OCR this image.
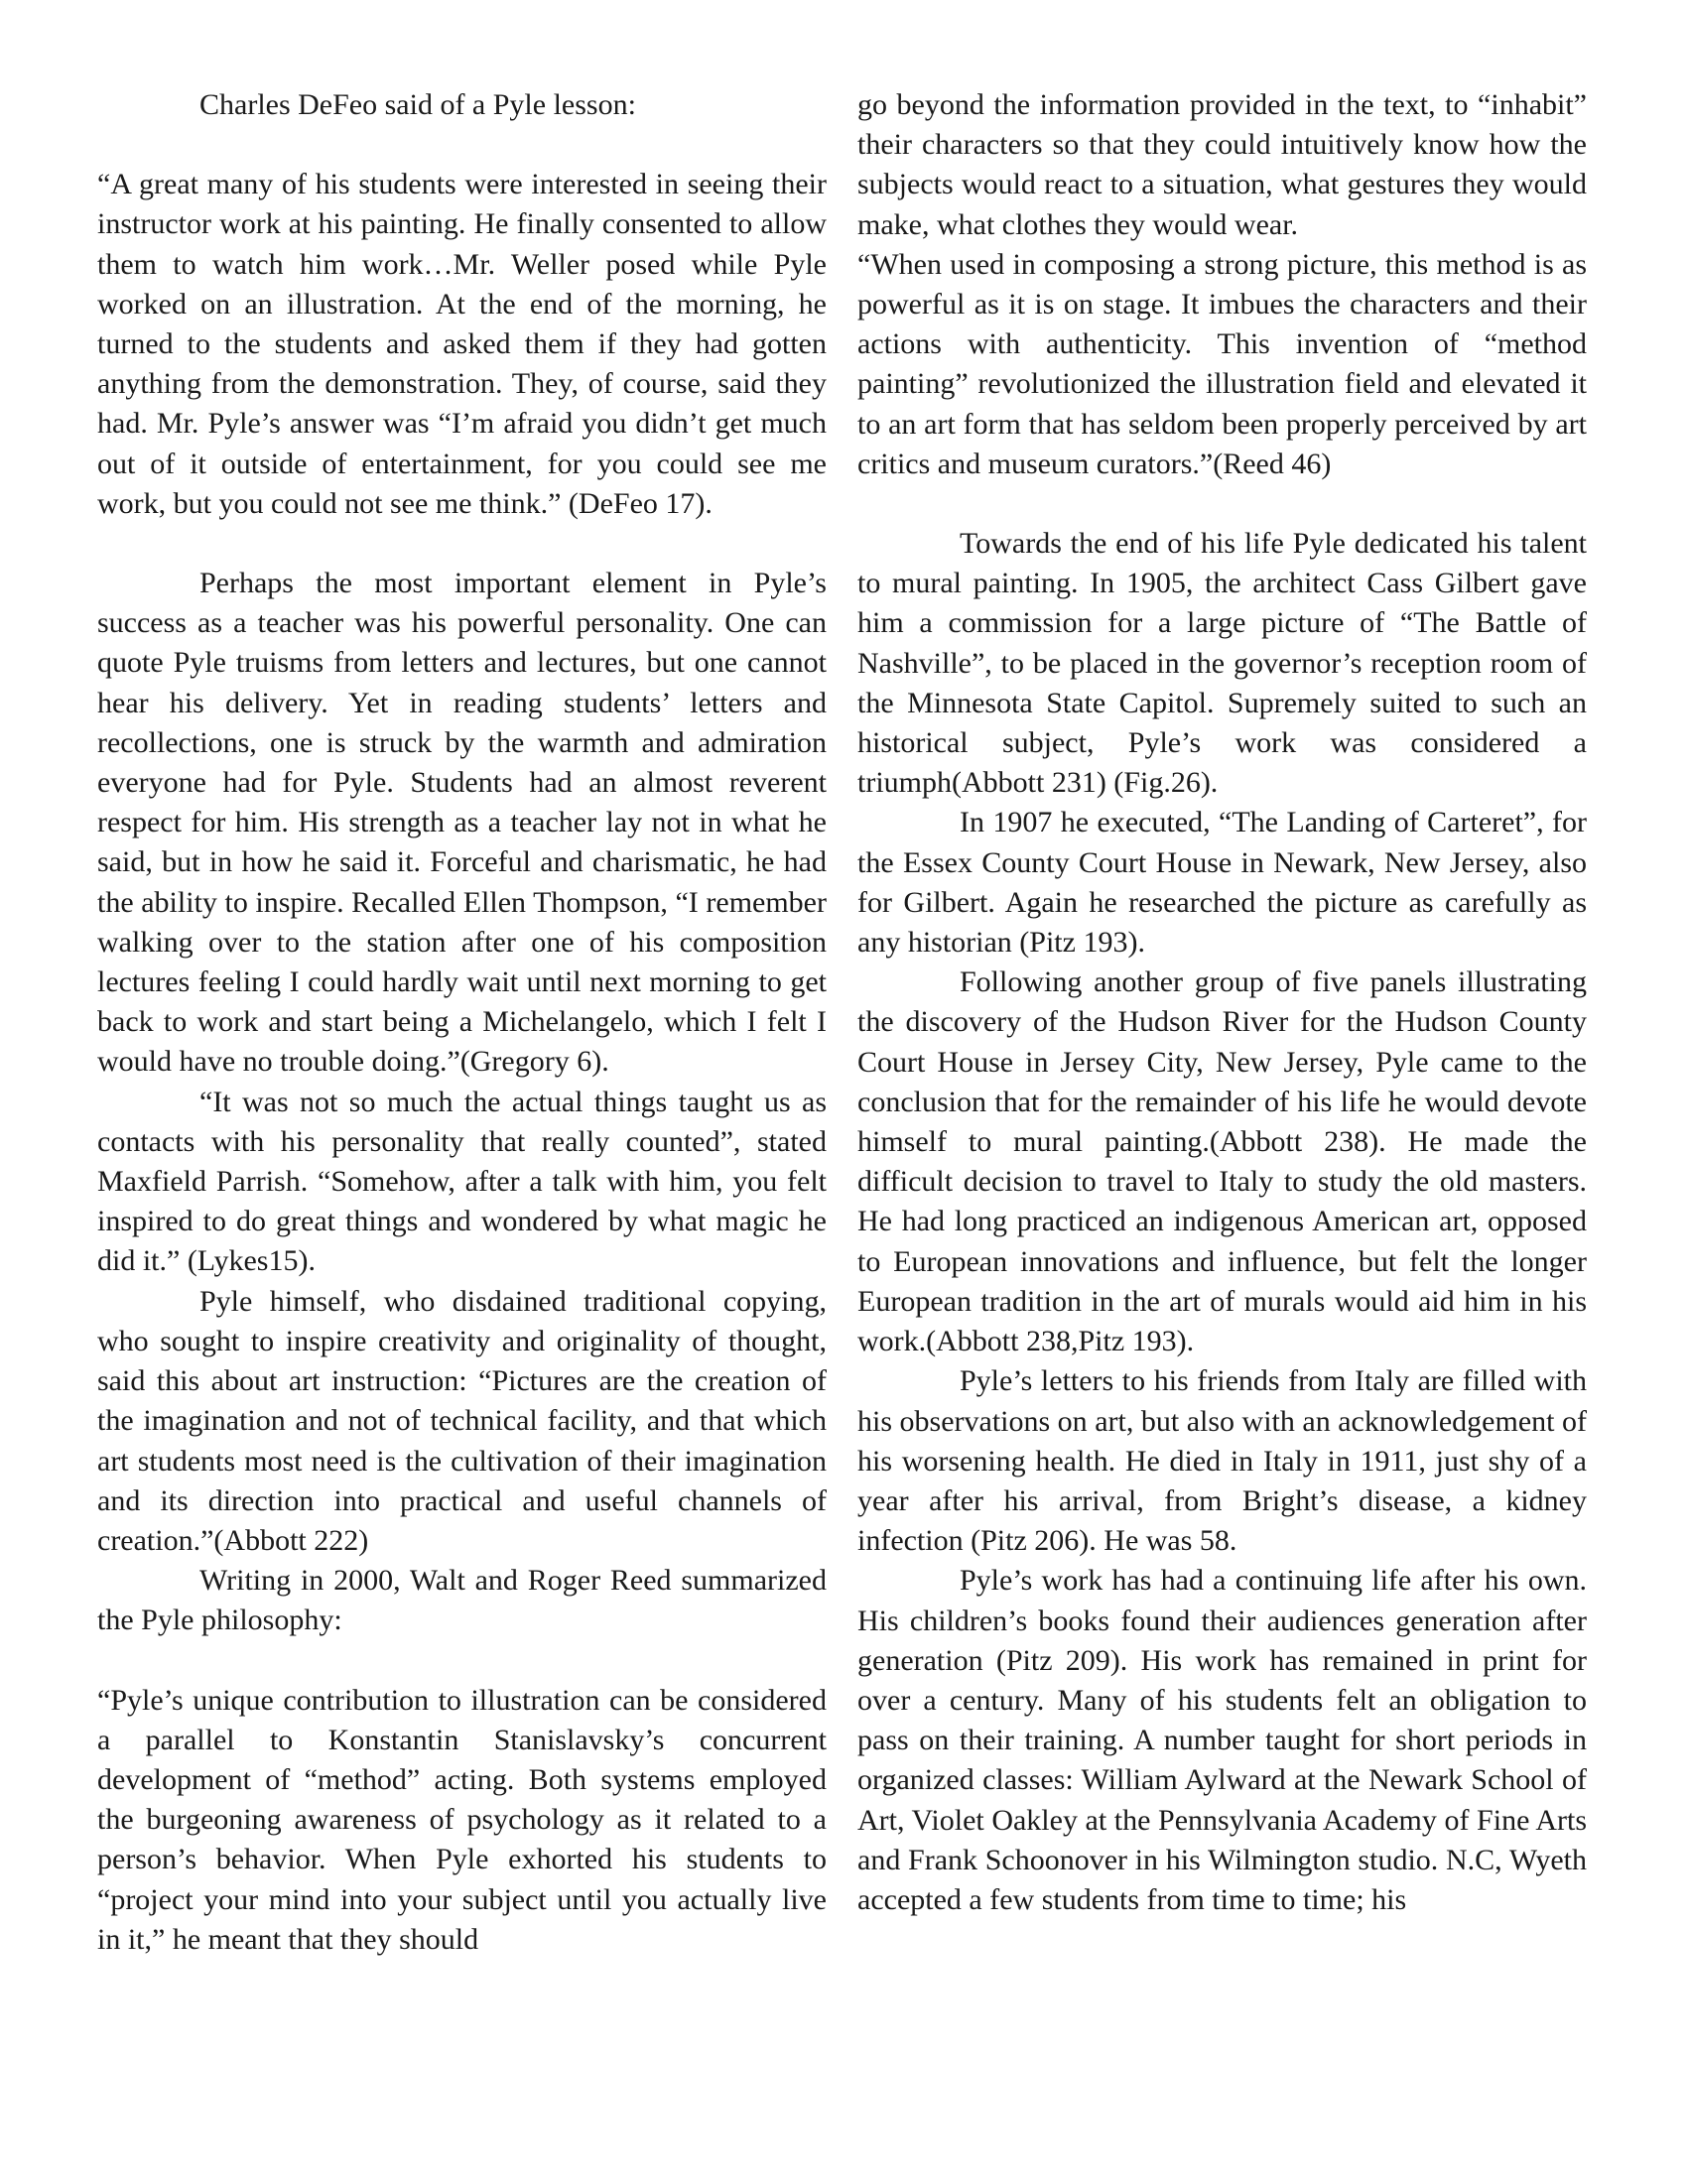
Charles DeFeo said of a Pyle lesson:

“A great many of his students were interested in seeing their instructor work at his painting. He finally consented to allow them to watch him work…Mr. Weller posed while Pyle worked on an illustration. At the end of the morning, he turned to the students and asked them if they had gotten anything from the demonstration. They, of course, said they had. Mr. Pyle’s answer was “I’m afraid you didn’t get much out of it outside of entertainment, for you could see me work, but you could not see me think.” (DeFeo 17).

Perhaps the most important element in Pyle’s success as a teacher was his powerful personality. One can quote Pyle truisms from letters and lectures, but one cannot hear his delivery. Yet in reading students’ letters and recollections, one is struck by the warmth and admiration everyone had for Pyle. Students had an almost reverent respect for him. His strength as a teacher lay not in what he said, but in how he said it. Forceful and charismatic, he had the ability to inspire. Recalled Ellen Thompson, “I remember walking over to the station after one of his composition lectures feeling I could hardly wait until next morning to get back to work and start being a Michelangelo, which I felt I would have no trouble doing.”(Gregory 6).

“It was not so much the actual things taught us as contacts with his personality that really counted”, stated Maxfield Parrish. “Somehow, after a talk with him, you felt inspired to do great things and wondered by what magic he did it.” (Lykes15).

Pyle himself, who disdained traditional copying, who sought to inspire creativity and originality of thought, said this about art instruction: “Pictures are the creation of the imagination and not of technical facility, and that which art students most need is the cultivation of their imagination and its direction into practical and useful channels of creation.”(Abbott 222)

Writing in 2000, Walt and Roger Reed summarized the Pyle philosophy:

“Pyle’s unique contribution to illustration can be considered a parallel to Konstantin Stanislavsky’s concurrent development of “method” acting. Both systems employed the burgeoning awareness of psychology as it related to a person’s behavior. When Pyle exhorted his students to “project your mind into your subject until you actually live in it,” he meant that they should

go beyond the information provided in the text, to “inhabit” their characters so that they could intuitively know how the subjects would react to a situation, what gestures they would make, what clothes they would wear.

“When used in composing a strong picture, this method is as powerful as it is on stage. It imbues the characters and their actions with authenticity. This invention of “method painting” revolutionized the illustration field and elevated it to an art form that has seldom been properly perceived by art critics and museum curators.”(Reed 46)

Towards the end of his life Pyle dedicated his talent to mural painting. In 1905, the architect Cass Gilbert gave him a commission for a large picture of “The Battle of Nashville”, to be placed in the governor’s reception room of the Minnesota State Capitol. Supremely suited to such an historical subject, Pyle’s work was considered a triumph(Abbott 231) (Fig.26).

In 1907 he executed, “The Landing of Carteret”, for the Essex County Court House in Newark, New Jersey, also for Gilbert. Again he researched the picture as carefully as any historian (Pitz 193).

Following another group of five panels illustrating the discovery of the Hudson River for the Hudson County Court House in Jersey City, New Jersey, Pyle came to the conclusion that for the remainder of his life he would devote himself to mural painting.(Abbott 238). He made the difficult decision to travel to Italy to study the old masters. He had long practiced an indigenous American art, opposed to European innovations and influence, but felt the longer European tradition in the art of murals would aid him in his work.(Abbott 238,Pitz 193).

Pyle’s letters to his friends from Italy are filled with his observations on art, but also with an acknowledgement of his worsening health. He died in Italy in 1911, just shy of a year after his arrival, from Bright’s disease, a kidney infection (Pitz 206). He was 58.

Pyle’s work has had a continuing life after his own. His children’s books found their audiences generation after generation (Pitz 209). His work has remained in print for over a century. Many of his students felt an obligation to pass on their training. A number taught for short periods in organized classes: William Aylward at the Newark School of Art, Violet Oakley at the Pennsylvania Academy of Fine Arts and Frank Schoonover in his Wilmington studio. N.C, Wyeth accepted a few students from time to time; his
